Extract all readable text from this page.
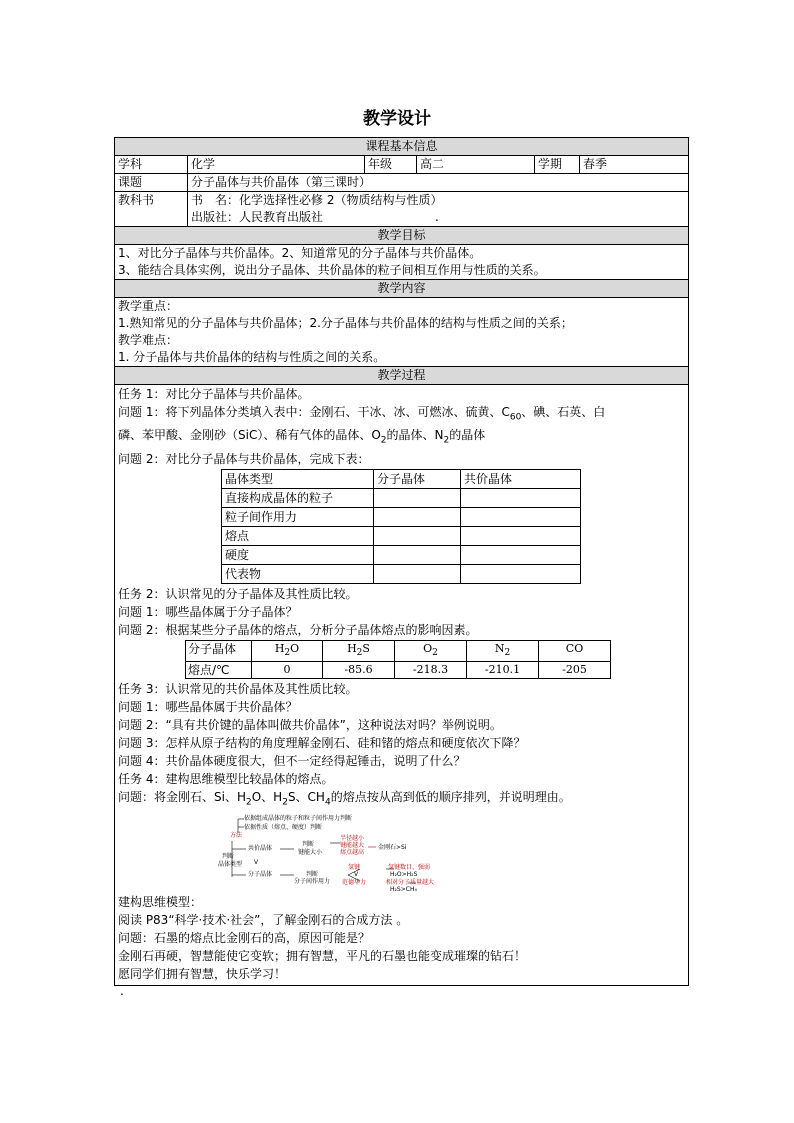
教学设计
课程基本信息
学科	化学	年级	高二	学期	春季
课题	分子晶体与共价晶体（第三课时）
教科书	书　名：化学选择性必修 2（物质结构与性质）
出版社：人民教育出版社	.

教学目标

1、对比分子晶体与共价晶体。2、知道常见的分子晶体与共价晶体。
3、能结合具体实例，说出分子晶体、共价晶体的粒子间相互作用与性质的关系。

教学内容

教学重点：
1.熟知常见的分子晶体与共价晶体；2.分子晶体与共价晶体的结构与性质之间的关系；
教学难点：
1. 分子晶体与共价晶体的结构与性质之间的关系。

教学过程

任务 1：对比分子晶体与共价晶体。
问题 1：将下列晶体分类填入表中：金刚石、干冰、冰、可燃冰、硫黄、$C_{60}$、碘、石英、白
磷、苯甲酸、金刚砂（SiC）、稀有气体的晶体、$O_2$的晶体、$N_2$的晶体
问题 2：对比分子晶体与共价晶体，完成下表：
晶体类型	分子晶体	共价晶体
直接构成晶体的粒子		
粒子间作用力		
熔点		
硬度		
代表物		
任务 2：认识常见的分子晶体及其性质比较。
问题 1：哪些晶体属于分子晶体？
问题 2：根据某些分子晶体的熔点，分析分子晶体熔点的影响因素。
分子晶体	$H_2O$	$H_2S$	$O_2$	$N_2$	CO
熔点/℃	0	-85.6	-218.3	-210.1	-205
任务 3：认识常见的共价晶体及其性质比较。
问题 1：哪些晶体属于共价晶体？
问题 2：“具有共价键的晶体叫做共价晶体”，这种说法对吗？举例说明。
问题 3：怎样从原子结构的角度理解金刚石、硅和锗的熔点和硬度依次下降？
问题 4：共价晶体硬度很大，但不一定经得起锤击，说明了什么？
任务 4：建构思维模型比较晶体的熔点。
问题：将金刚石、Si、$H_2O$、$H_2S$、$CH_4$的熔点按从高到低的顺序排列，并说明理由。
依据组成晶体的粒子和粒子间作用力判断
依据性质（熔点、硬度）判断
方法
判断
晶体类型
共价晶体
V
分子晶体
判断
键能大小
半径越小
键能越大
熔点越高
金刚石>Si
判断
分子间作用力
氢键
V
范德华力
氢键数目、强弱
H₂O>H₂S
相对分子质量越大
H₂S>CH₄
建构思维模型：
阅读 P83“科学·技术·社会”，了解金刚石的合成方法 。
问题：石墨的熔点比金刚石的高，原因可能是？
金刚石再硬，智慧能使它变软；拥有智慧，平凡的石墨也能变成璀璨的钻石！
愿同学们拥有智慧，快乐学习！
.
